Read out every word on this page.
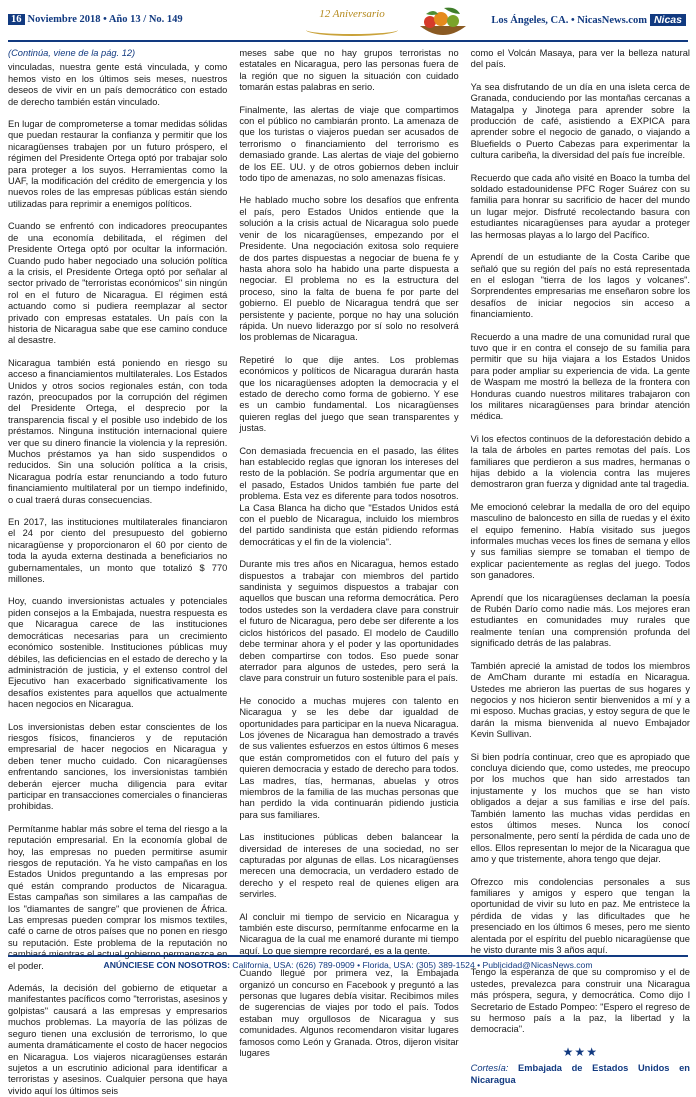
16 Noviembre 2018 • Año 13 / No. 149	12 Aniversario
Los Ángeles, CA. • NicasNews.com Nicas

(Continúa, viene de la pág. 12)

vinculadas, nuestra gente está vinculada, y como hemos visto en los últimos seis meses, nuestros deseos de vivir en un país democrático con estado de derecho también están vinculado.

En lugar de comprometerse a tomar medidas sólidas que puedan restaurar la confianza y permitir que los nicaragüenses trabajen por un futuro próspero, el régimen del Presidente Ortega optó por trabajar solo para proteger a los suyos. Herramientas como la UAF, la modificación del crédito de emergencia y los nuevos roles de las empresas públicas están siendo utilizadas para reprimir a enemigos políticos.

Cuando se enfrentó con indicadores preocupantes de una economía debilitada, el régimen del Presidente Ortega optó por ocultar la información. Cuando pudo haber negociado una solución política a la crisis, el Presidente Ortega optó por señalar al sector privado de "terroristas económicos" sin ningún rol en el futuro de Nicaragua. El régimen está actuando como si pudiera reemplazar al sector privado con empresas estatales. Un país con la historia de Nicaragua sabe que ese camino conduce al desastre.

Nicaragua también está poniendo en riesgo su acceso a financiamientos multilaterales. Los Estados Unidos y otros socios regionales están, con toda razón, preocupados por la corrupción del régimen del Presidente Ortega, el desprecio por la transparencia fiscal y el posible uso indebido de los préstamos. Ninguna institución internacional quiere ver que su dinero financie la violencia y la represión. Muchos préstamos ya han sido suspendidos o reducidos. Sin una solución política a la crisis, Nicaragua podría estar renunciando a todo futuro financiamiento multilateral por un tiempo indefinido, o cual traerá duras consecuencias.

En 2017, las instituciones multilaterales financiaron el 24 por ciento del presupuesto del gobierno nicaragüense y proporcionaron el 60 por ciento de toda la ayuda externa destinada a beneficiarios no gubernamentales, un monto que totalizó $ 770 millones.

Hoy, cuando inversionistas actuales y potenciales piden consejos a la Embajada, nuestra respuesta es que Nicaragua carece de las instituciones democráticas necesarias para un crecimiento económico sostenible. Instituciones públicas muy débiles, las deficiencias en el estado de derecho y la administración de justicia, y el extenso control del Ejecutivo han exacerbado significativamente los desafíos existentes para aquellos que actualmente hacen negocios en Nicaragua.

Los inversionistas deben estar conscientes de los riesgos físicos, financieros y de reputación empresarial de hacer negocios en Nicaragua y deben tener mucho cuidado. Con nicaragüenses enfrentando sanciones, los inversionistas también deberán ejercer mucha diligencia para evitar participar en transacciones comerciales o financieras prohibidas.

Permítanme hablar más sobre el tema del riesgo a la reputación empresarial. En la economía global de hoy, las empresas no pueden permitirse asumir riesgos de reputación. Ya he visto campañas en los Estados Unidos preguntando a las empresas por qué están comprando productos de Nicaragua. Estas campañas son similares a las campañas de los "diamantes de sangre" que provienen de África. Las empresas pueden comprar los mismos textiles, café o carne de otros países que no ponen en riesgo su reputación. Este problema de la reputación no cambiará mientras el actual gobierno permanezca en el poder.

Además, la decisión del gobierno de etiquetar a manifestantes pacíficos como "terroristas, asesinos y golpistas" causará a las empresas y empresarios muchos problemas. La mayoría de las pólizas de seguro tienen una exclusión de terrorismo, lo que aumenta dramáticamente el costo de hacer negocios en Nicaragua. Los viajeros nicaragüenses estarán sujetos a un escrutinio adicional para identificar a terroristas y asesinos. Cualquier persona que haya vivido aquí los últimos seis

meses sabe que no hay grupos terroristas no estatales en Nicaragua, pero las personas fuera de la región que no siguen la situación con cuidado tomarán estas palabras en serio.

Finalmente, las alertas de viaje que compartimos con el público no cambiarán pronto. La amenaza de que los turistas o viajeros puedan ser acusados de terrorismo o financiamiento del terrorismo es demasiado grande. Las alertas de viaje del gobierno de los EE. UU. y de otros gobiernos deben incluir todo tipo de amenazas, no solo amenazas físicas.

He hablado mucho sobre los desafíos que enfrenta el país, pero Estados Unidos entiende que la solución a la crisis actual de Nicaragua solo puede venir de los nicaragüenses, empezando por el Presidente. Una negociación exitosa solo requiere de dos partes dispuestas a negociar de buena fe y hasta ahora solo ha habido una parte dispuesta a negociar. El problema no es la estructura del proceso, sino la falta de buena fe por parte del gobierno. El pueblo de Nicaragua tendrá que ser persistente y paciente, porque no hay una solución rápida. Un nuevo liderazgo por sí solo no resolverá los problemas de Nicaragua.

Repetiré lo que dije antes. Los problemas económicos y políticos de Nicaragua durarán hasta que los nicaragüenses adopten la democracia y el estado de derecho como forma de gobierno. Y ese es un cambio fundamental. Los nicaragüenses quieren reglas del juego que sean transparentes y justas.

Con demasiada frecuencia en el pasado, las élites han establecido reglas que ignoran los intereses del resto de la población. Se podría argumentar que en el pasado, Estados Unidos también fue parte del problema. Esta vez es diferente para todos nosotros. La Casa Blanca ha dicho que "Estados Unidos está con el pueblo de Nicaragua, incluido los miembros del partido sandinista que están pidiendo reformas democráticas y el fin de la violencia".

Durante mis tres años en Nicaragua, hemos estado dispuestos a trabajar con miembros del partido sandinista y seguimos dispuestos a trabajar con aquellos que buscan una reforma democrática. Pero todos ustedes son la verdadera clave para construir el futuro de Nicaragua, pero debe ser diferente a los ciclos históricos del pasado. El modelo de Caudillo debe terminar ahora y el poder y las oportunidades deben compartirse con todos. Eso puede sonar aterrador para algunos de ustedes, pero será la clave para construir un futuro sostenible para el país.

He conocido a muchas mujeres con talento en Nicaragua y se les debe dar igualdad de oportunidades para participar en la nueva Nicaragua. Los jóvenes de Nicaragua han demostrado a través de sus valientes esfuerzos en estos últimos 6 meses que están comprometidos con el futuro del país y quieren democracia y estado de derecho para todos. Las madres, tías, hermanas, abuelas y otros miembros de la familia de las muchas personas que han perdido la vida continuarán pidiendo justicia para sus familiares.

Las instituciones públicas deben balancear la diversidad de intereses de una sociedad, no ser capturadas por algunas de ellas. Los nicaragüenses merecen una democracia, un verdadero estado de derecho y el respeto real de quienes eligen ara servirles.

Al concluir mi tiempo de servicio en Nicaragua y también este discurso, permítanme enfocarme en la Nicaragua de la cual me enamoré durante mi tiempo aquí. Lo que siempre recordaré, es a la gente.

Cuando llegué por primera vez, la Embajada organizó un concurso en Facebook y preguntó a las personas que lugares debía visitar. Recibimos miles de sugerencias de viajes por todo el país. Todos estaban muy orgullosos de Nicaragua y sus comunidades. Algunos recomendaron visitar lugares famosos como León y Granada. Otros, dijeron visitar lugares

como el Volcán Masaya, para ver la belleza natural del país.

Ya sea disfrutando de un día en una isleta cerca de Granada, conduciendo por las montañas cercanas a Matagalpa y Jinotega para aprender sobre la producción de café, asistiendo a EXPICA para aprender sobre el negocio de ganado, o viajando a Bluefields o Puerto Cabezas para experimentar la cultura caribeña, la diversidad del país fue increíble.

Recuerdo que cada año visité en Boaco la tumba del soldado estadounidense PFC Roger Suárez con su familia para honrar su sacrificio de hacer del mundo un lugar mejor. Disfruté recolectando basura con estudiantes nicaragüenses para ayudar a proteger las hermosas playas a lo largo del Pacífico.

Aprendí de un estudiante de la Costa Caribe que señaló que su región del país no está representada en el eslogan "tierra de los lagos y volcanes". Sorprendentes empresarias me enseñaron sobre los desafíos de iniciar negocios sin acceso a financiamiento.

Recuerdo a una madre de una comunidad rural que tuvo que ir en contra el consejo de su familia para permitir que su hija viajara a los Estados Unidos para poder ampliar su experiencia de vida. La gente de Waspam me mostró la belleza de la frontera con Honduras cuando nuestros militares trabajaron con los militares nicaragüenses para brindar atención médica.

Vi los efectos continuos de la deforestación debido a la tala de árboles en partes remotas del país. Los familiares que perdieron a sus madres, hermanas o hijas debido a la violencia contra las mujeres demostraron gran fuerza y dignidad ante tal tragedia.

Me emocionó celebrar la medalla de oro del equipo masculino de baloncesto en silla de ruedas y el éxito el equipo femenino. Había visitado sus juegos informales muchas veces los fines de semana y ellos y sus familias siempre se tomaban el tiempo de explicar pacientemente as reglas del juego. Todos son ganadores.

Aprendí que los nicaragüenses declaman la poesía de Rubén Darío como nadie más. Los mejores eran estudiantes en comunidades muy rurales que realmente tenían una comprensión profunda del significado detrás de las palabras.

También aprecié la amistad de todos los miembros de AmCham durante mi estadía en Nicaragua. Ustedes me abrieron las puertas de sus hogares y negocios y nos hicieron sentir bienvenidos a mí y a mi esposo. Muchas gracias, y estoy segura de que le darán la misma bienvenida al nuevo Embajador Kevin Sullivan.

Si bien podría continuar, creo que es apropiado que concluya diciendo que, como ustedes, me preocupo por los muchos que han sido arrestados tan injustamente y los muchos que se han visto obligados a dejar a sus familias e irse del país. También lamento las muchas vidas perdidas en estos últimos meses. Nunca los conocí personalmente, pero sentí la pérdida de cada uno de ellos. Ellos representan lo mejor de la Nicaragua que amo y que tristemente, ahora tengo que dejar.

Ofrezco mis condolencias personales a sus familiares y amigos y espero que tengan la oportunidad de vivir su luto en paz. Me entristece la pérdida de vidas y las dificultades que he presenciado en los últimos 6 meses, pero me siento alentada por el espíritu del pueblo nicaragüense que he visto durante mis 3 años aquí.

Tengo la esperanza de que su compromiso y el de ustedes, prevalezca para construir una Nicaragua más próspera, segura, y democrática. Como dijo l Secretario de Estado Pompeo: "Espero el regreso de su hermoso país a la paz, la libertad y la democracia".

★★★
Cortesía: Embajada de Estados Unidos en Nicaragua
ANÚNCIESE CON NOSOTROS: California, USA: (626) 789-0909 • Florida, USA: (305) 389-1524 • Publicidad@NicasNews.com
